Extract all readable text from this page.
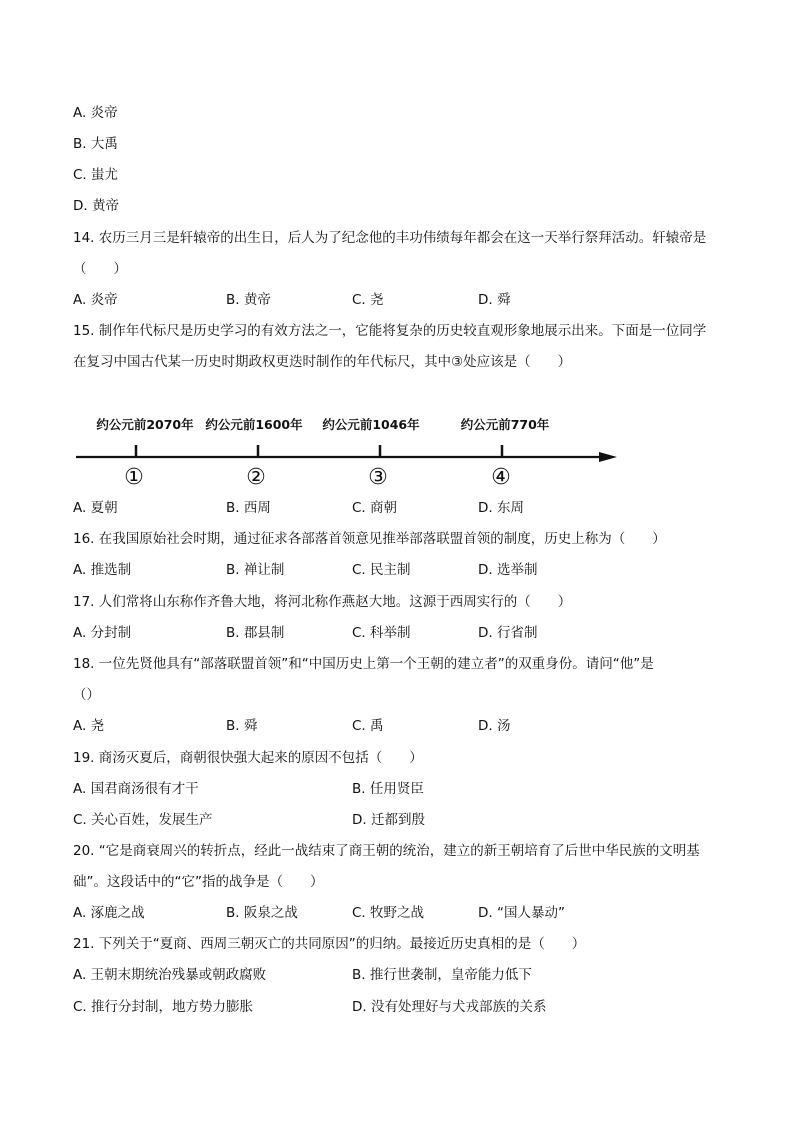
A. 炎帝
B. 大禹
C. 蚩尤
D. 黄帝
14. 农历三月三是轩辕帝的出生日，后人为了纪念他的丰功伟绩每年都会在这一天举行祭拜活动。轩辕帝是
（　　）
A. 炎帝	B. 黄帝	C. 尧	D. 舜
15. 制作年代标尺是历史学习的有效方法之一，它能将复杂的历史较直观形象地展示出来。下面是一位同学
在复习中国古代某一历史时期政权更迭时制作的年代标尺，其中③处应该是（　　）
约公元前2070年 约公元前1600年 约公元前1046年	约公元前770年
①	②	③	④
A. 夏朝	B. 西周	C. 商朝	D. 东周
16. 在我国原始社会时期，通过征求各部落首领意见推举部落联盟首领的制度，历史上称为（　　）
A. 推选制	B. 禅让制	C. 民主制	D. 选举制
17. 人们常将山东称作齐鲁大地，将河北称作燕赵大地。这源于西周实行的（　　）
A. 分封制	B. 郡县制	C. 科举制	D. 行省制
18. 一位先贤他具有“部落联盟首领”和“中国历史上第一个王朝的建立者”的双重身份。请问“他”是
（）
A. 尧	B. 舜	C. 禹	D. 汤
19. 商汤灭夏后，商朝很快强大起来的原因不包括（　　）
A. 国君商汤很有才干	B. 任用贤臣
C. 关心百姓，发展生产	D. 迁都到殷
20. “它是商衰周兴的转折点，经此一战结束了商王朝的统治，建立的新王朝培育了后世中华民族的文明基
础”。这段话中的“它”指的战争是（　　）
A. 涿鹿之战	B. 阪泉之战	C. 牧野之战	D. “国人暴动”
21. 下列关于“夏商、西周三朝灭亡的共同原因”的归纳。最接近历史真相的是（　　）
A. 王朝末期统治残暴或朝政腐败	B. 推行世袭制，皇帝能力低下
C. 推行分封制，地方势力膨胀	D. 没有处理好与犬戎部族的关系
